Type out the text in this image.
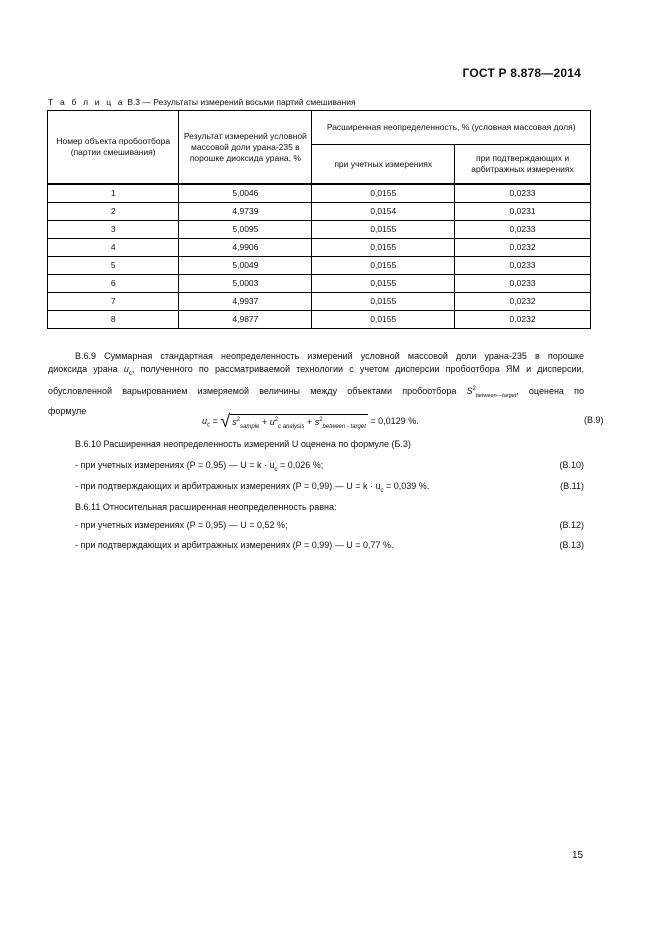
ГОСТ Р 8.878—2014
Т а б л и ц а В.3 — Результаты измерений восьми партий смешивания
Номер объекта пробоотбора (партии смешивания)	Результат измерений условной массовой доли урана-235 в порошке диоксида урана, %	Расширенная неопределенность, % (условная массовая доля)	
		при учетных измерениях	при подтверждающих и арбитражных измерениях
1	5,0046	0,0155	0,0233
2	4,9739	0,0154	0,0231
3	5,0095	0,0155	0,0233
4	4,9906	0,0155	0,0232
5	5,0049	0,0155	0,0233
6	5,0003	0,0155	0,0233
7	4,9937	0,0155	0,0232
8	4,9877	0,0155	0,0232
В.6.9 Суммарная стандартная неопределенность измерений условной массовой доли урана-235 в порошке
диоксида урана $u_c$, полученного по рассматриваемой технологии с учетом дисперсии пробоотбора ЯМ и дисперсии,
обусловленной варьированием измеряемой величины между объектами пробоотбора $S^2_{between—target}$, оценена по
формуле
$u_c$ = √ $s^2_{sample} + u^2_{c analysis} + s^2_{between - target} = 0,0129$ %.	(В.9)
В.6.10 Расширенная неопределенность измерений U оценена по формуле (Б.3)
- при учетных измерениях (P = 0,95) — $U = k \cdot u_c = 0,026$ %;	(В.10)
- при подтверждающих и арбитражных измерениях (P = 0,99) — $U = k \cdot u_c = 0,039$ %.	(В.11)
В.6.11 Относительная расширенная неопределенность равна:
- при учетных измерениях (P = 0,95) — U = 0,52 %;	(В.12)
- при подтверждающих и арбитражных измерениях (P = 0,99) — U = 0,77 %.	(В.13)
15
